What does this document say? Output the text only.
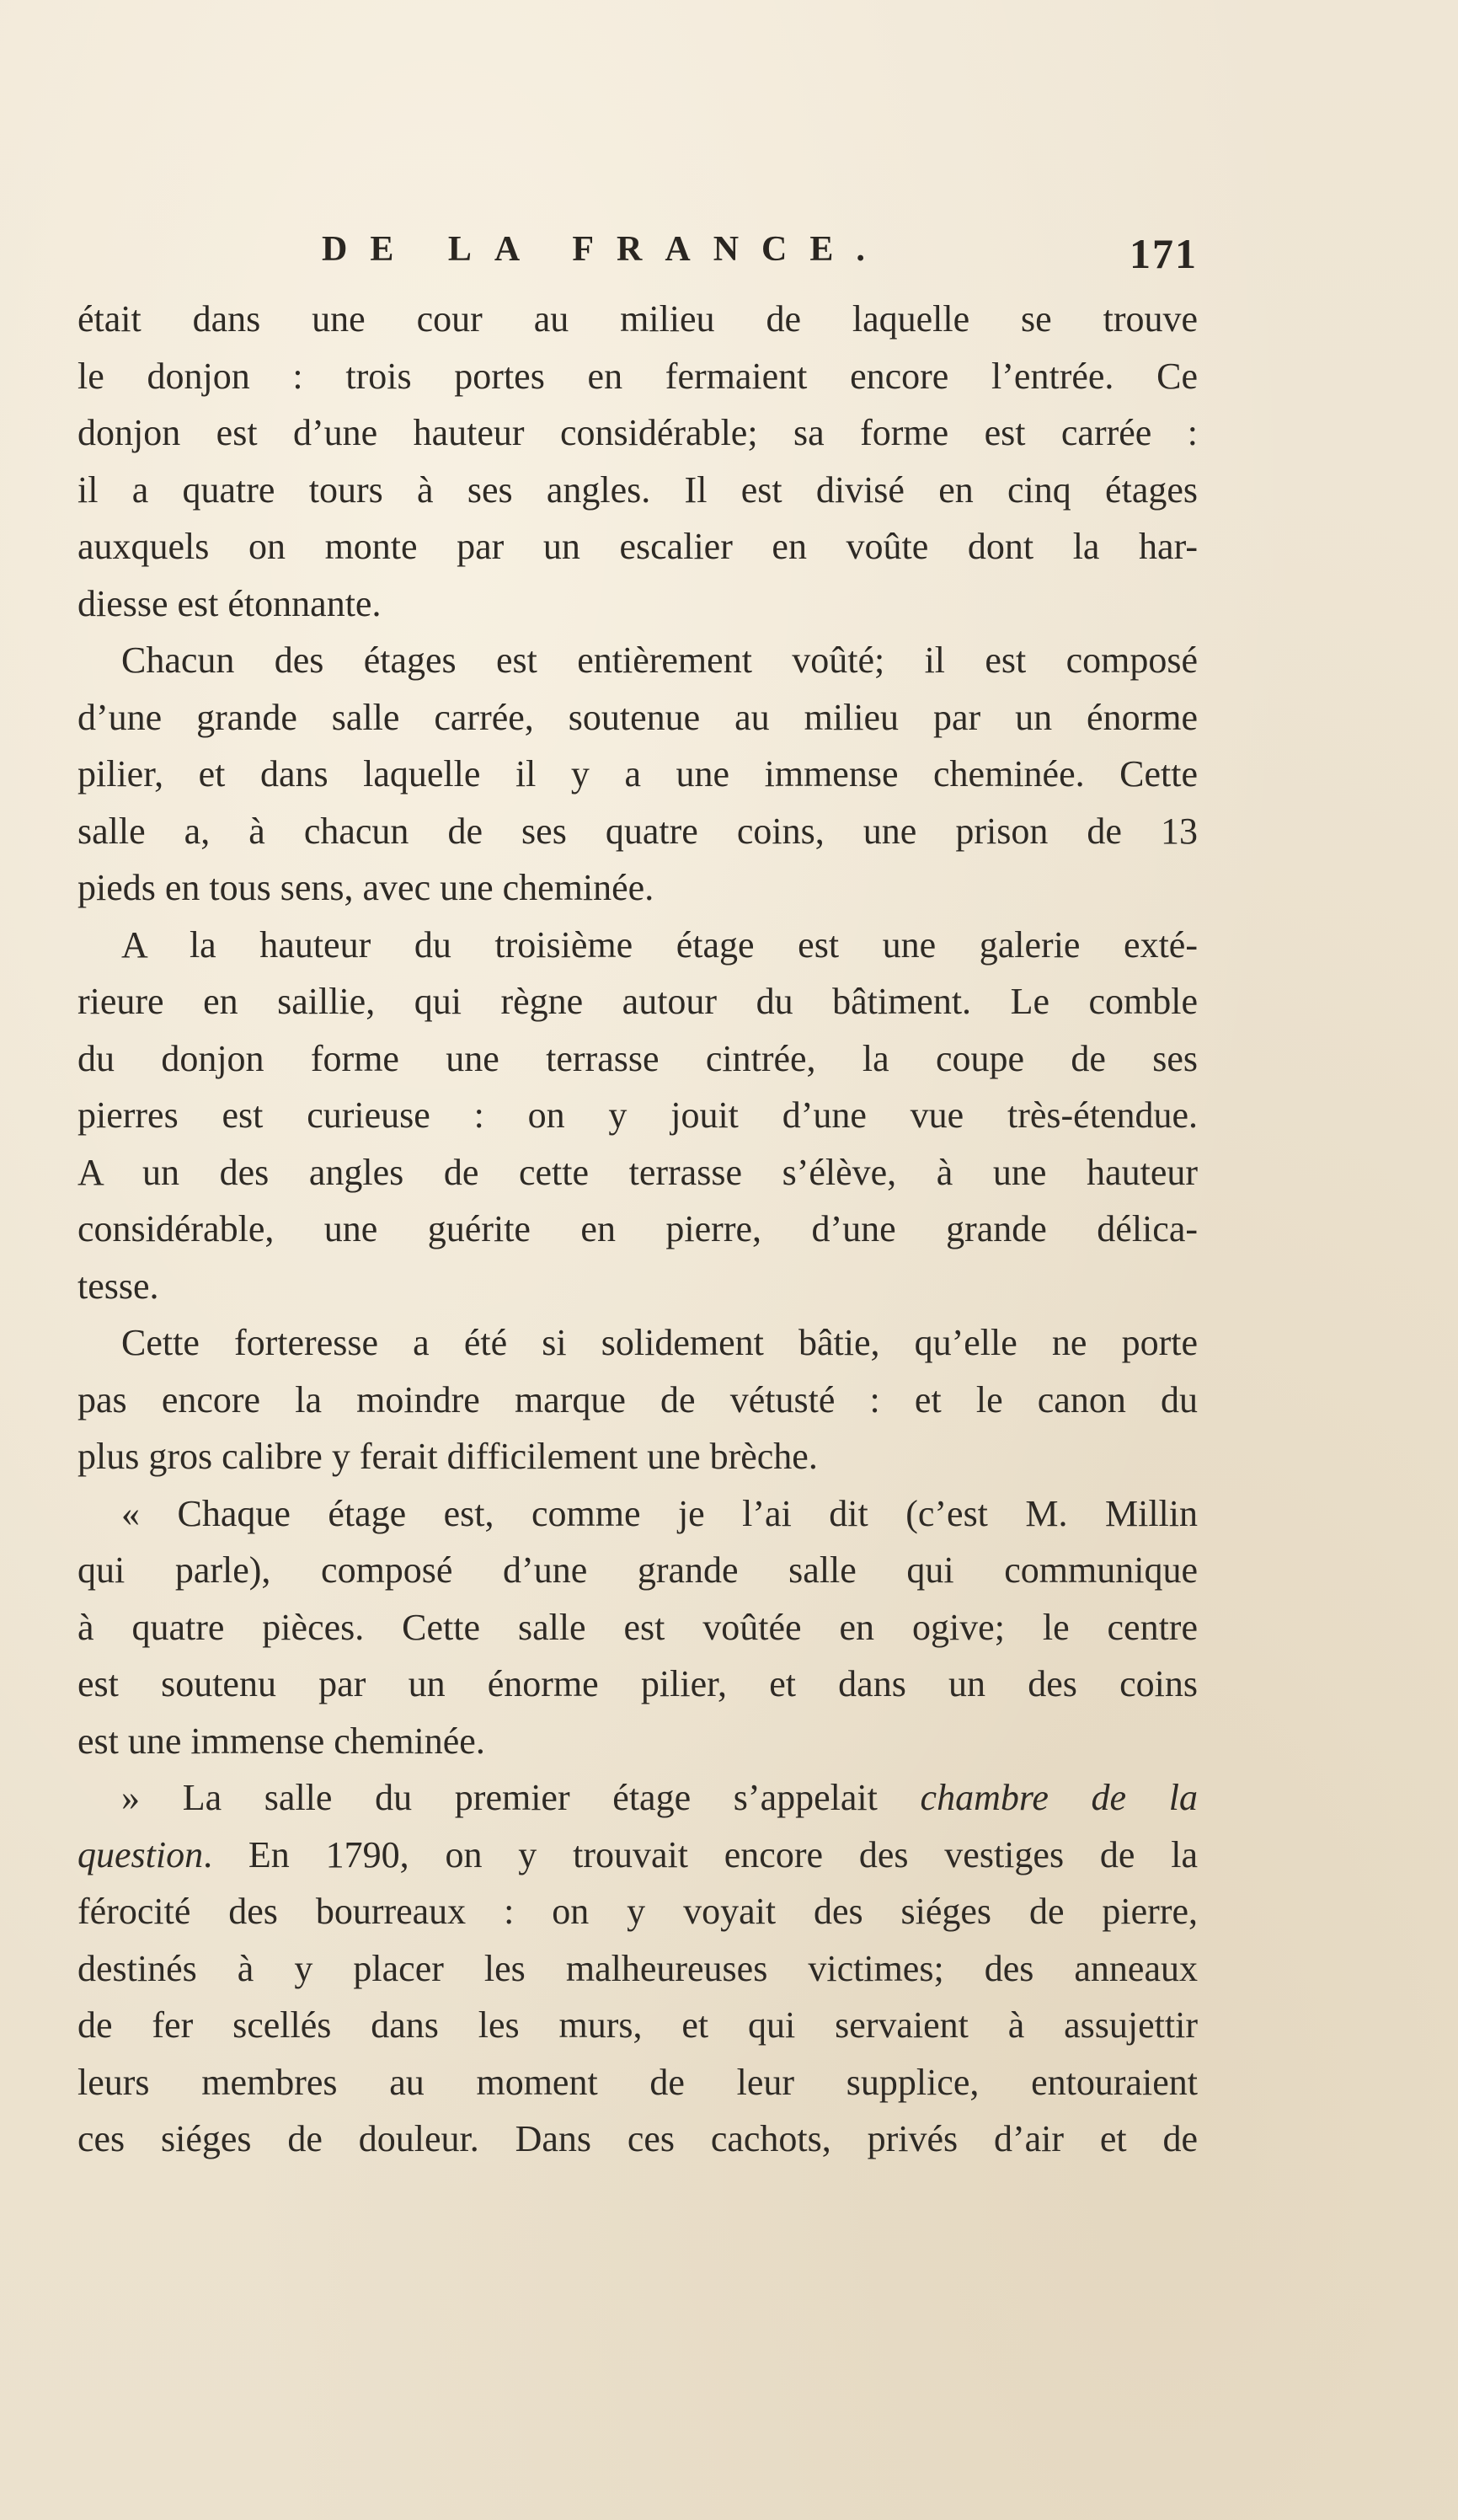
DE LA FRANCE.	171
était dans une cour au milieu de laquelle se trouve
le donjon : trois portes en fermaient encore l’entrée. Ce
donjon est d’une hauteur considérable; sa forme est carrée :
il a quatre tours à ses angles. Il est divisé en cinq étages
auxquels on monte par un escalier en voûte dont la har-
diesse est étonnante.
Chacun des étages est entièrement voûté; il est composé
d’une grande salle carrée, soutenue au milieu par un énorme
pilier, et dans laquelle il y a une immense cheminée. Cette
salle a, à chacun de ses quatre coins, une prison de 13
pieds en tous sens, avec une cheminée.
A la hauteur du troisième étage est une galerie exté-
rieure en saillie, qui règne autour du bâtiment. Le comble
du donjon forme une terrasse cintrée, la coupe de ses
pierres est curieuse : on y jouit d’une vue très-étendue.
A un des angles de cette terrasse s’élève, à une hauteur
considérable, une guérite en pierre, d’une grande délica-
tesse.
Cette forteresse a été si solidement bâtie, qu’elle ne porte
pas encore la moindre marque de vétusté : et le canon du
plus gros calibre y ferait difficilement une brèche.
« Chaque étage est, comme je l’ai dit (c’est M. Millin
qui parle), composé d’une grande salle qui communique
à quatre pièces. Cette salle est voûtée en ogive; le centre
est soutenu par un énorme pilier, et dans un des coins
est une immense cheminée.
» La salle du premier étage s’appelait chambre de la
question. En 1790, on y trouvait encore des vestiges de la
férocité des bourreaux : on y voyait des siéges de pierre,
destinés à y placer les malheureuses victimes; des anneaux
de fer scellés dans les murs, et qui servaient à assujettir
leurs membres au moment de leur supplice, entouraient
ces siéges de douleur. Dans ces cachots, privés d’air et de
